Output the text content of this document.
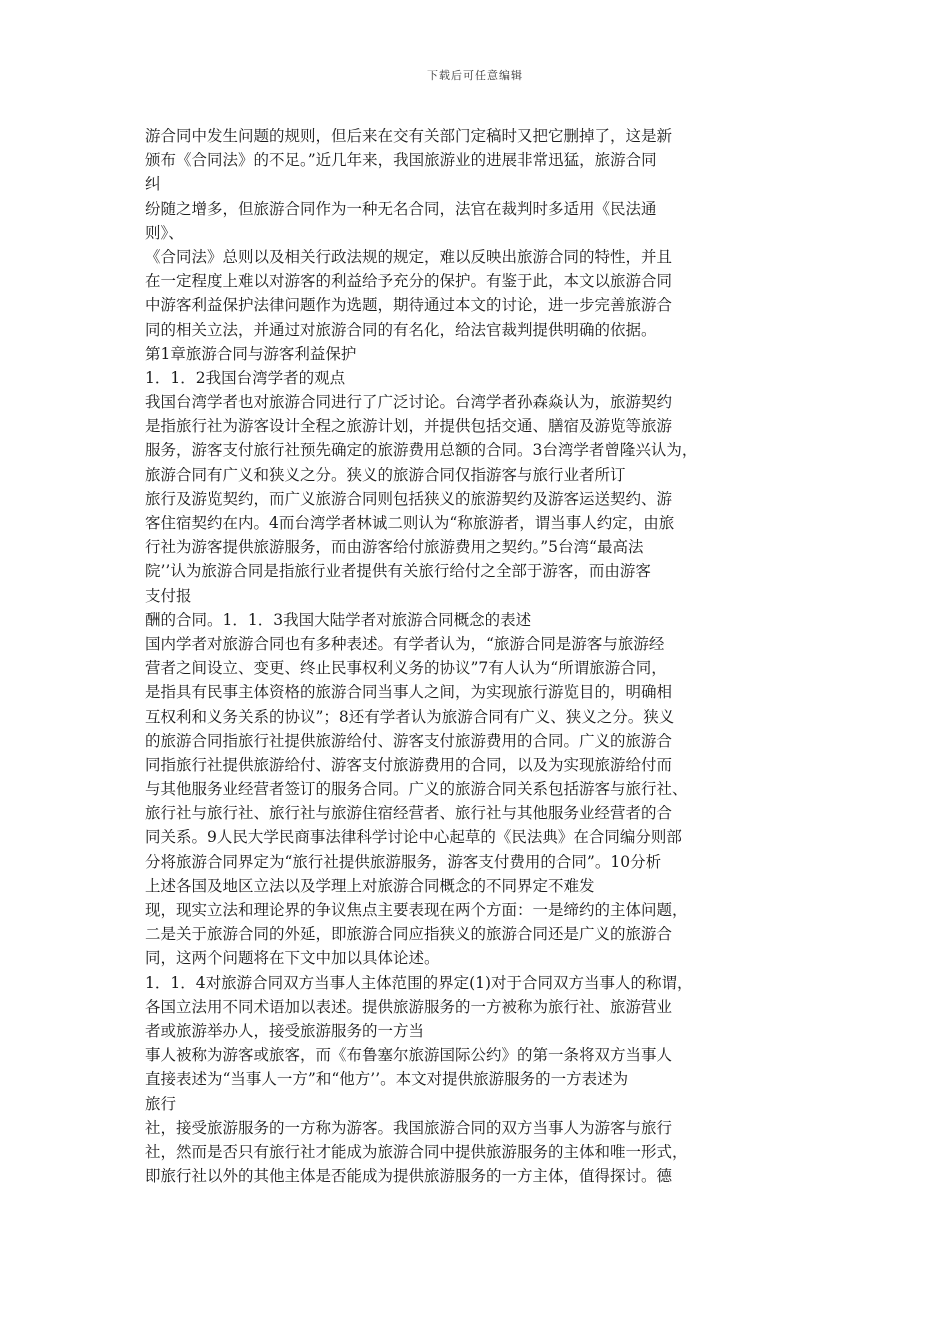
下载后可任意编辑
游合同中发生问题的规则，但后来在交有关部门定稿时又把它删掉了，这是新
颁布《合同法》的不足。”近几年来，我国旅游业的进展非常迅猛，旅游合同
纠
纷随之增多，但旅游合同作为一种无名合同，法官在裁判时多适用《民法通
则》、
《合同法》总则以及相关行政法规的规定，难以反映出旅游合同的特性，并且
在一定程度上难以对游客的利益给予充分的保护。有鉴于此，本文以旅游合同
中游客利益保护法律问题作为选题，期待通过本文的讨论，进一步完善旅游合
同的相关立法，并通过对旅游合同的有名化，给法官裁判提供明确的依据。
第1章旅游合同与游客利益保护
1．1．2我国台湾学者的观点
我国台湾学者也对旅游合同进行了广泛讨论。台湾学者孙森焱认为，旅游契约
是指旅行社为游客设计全程之旅游计划，并提供包括交通、膳宿及游览等旅游
服务，游客支付旅行社预先确定的旅游费用总额的合同。3台湾学者曾隆兴认为，
旅游合同有广义和狭义之分。狭义的旅游合同仅指游客与旅行业者所订
旅行及游览契约，而广义旅游合同则包括狭义的旅游契约及游客运送契约、游
客住宿契约在内。4而台湾学者林诚二则认为“称旅游者，谓当事人约定，由旅
行社为游客提供旅游服务，而由游客给付旅游费用之契约。”5台湾“最高法
院’’认为旅游合同是指旅行业者提供有关旅行给付之全部于游客，而由游客
支付报
酬的合同。1．1．3我国大陆学者对旅游合同概念的表述
国内学者对旅游合同也有多种表述。有学者认为，“旅游合同是游客与旅游经
营者之间设立、变更、终止民事权利义务的协议”7有人认为“所谓旅游合同，
是指具有民事主体资格的旅游合同当事人之间，为实现旅行游览目的，明确相
互权利和义务关系的协议”；8还有学者认为旅游合同有广义、狭义之分。狭义
的旅游合同指旅行社提供旅游给付、游客支付旅游费用的合同。广义的旅游合
同指旅行社提供旅游给付、游客支付旅游费用的合同，以及为实现旅游给付而
与其他服务业经营者签订的服务合同。广义的旅游合同关系包括游客与旅行社、
旅行社与旅行社、旅行社与旅游住宿经营者、旅行社与其他服务业经营者的合
同关系。9人民大学民商事法律科学讨论中心起草的《民法典》在合同编分则部
分将旅游合同界定为“旅行社提供旅游服务，游客支付费用的合同”。10分析
上述各国及地区立法以及学理上对旅游合同概念的不同界定不难发
现，现实立法和理论界的争议焦点主要表现在两个方面：一是缔约的主体问题，
二是关于旅游合同的外延，即旅游合同应指狭义的旅游合同还是广义的旅游合
同，这两个问题将在下文中加以具体论述。
1．1．4对旅游合同双方当事人主体范围的界定(1)对于合同双方当事人的称谓，
各国立法用不同术语加以表述。提供旅游服务的一方被称为旅行社、旅游营业
者或旅游举办人，接受旅游服务的一方当
事人被称为游客或旅客，而《布鲁塞尔旅游国际公约》的第一条将双方当事人
直接表述为“当事人一方”和“他方’’。本文对提供旅游服务的一方表述为
旅行
社，接受旅游服务的一方称为游客。我国旅游合同的双方当事人为游客与旅行
社，然而是否只有旅行社才能成为旅游合同中提供旅游服务的主体和唯一形式，
即旅行社以外的其他主体是否能成为提供旅游服务的一方主体，值得探讨。德
